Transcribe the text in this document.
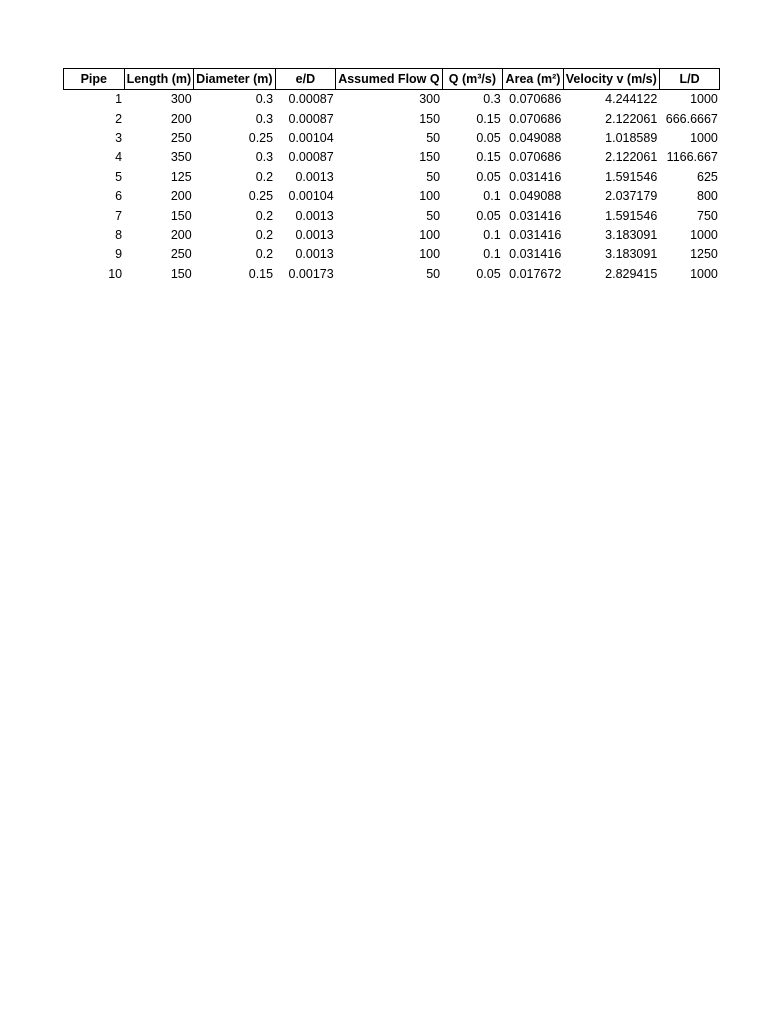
Pipe	Length (m)	Diameter (m)	e/D	Assumed Flow Q	Q (m³/s)	Area (m²)	Velocity v (m/s)	L/D
1	300	0.3	0.00087	300	0.3	0.070686	4.244122	1000
2	200	0.3	0.00087	150	0.15	0.070686	2.122061	666.6667
3	250	0.25	0.00104	50	0.05	0.049088	1.018589	1000
4	350	0.3	0.00087	150	0.15	0.070686	2.122061	1166.667
5	125	0.2	0.0013	50	0.05	0.031416	1.591546	625
6	200	0.25	0.00104	100	0.1	0.049088	2.037179	800
7	150	0.2	0.0013	50	0.05	0.031416	1.591546	750
8	200	0.2	0.0013	100	0.1	0.031416	3.183091	1000
9	250	0.2	0.0013	100	0.1	0.031416	3.183091	1250
10	150	0.15	0.00173	50	0.05	0.017672	2.829415	1000
